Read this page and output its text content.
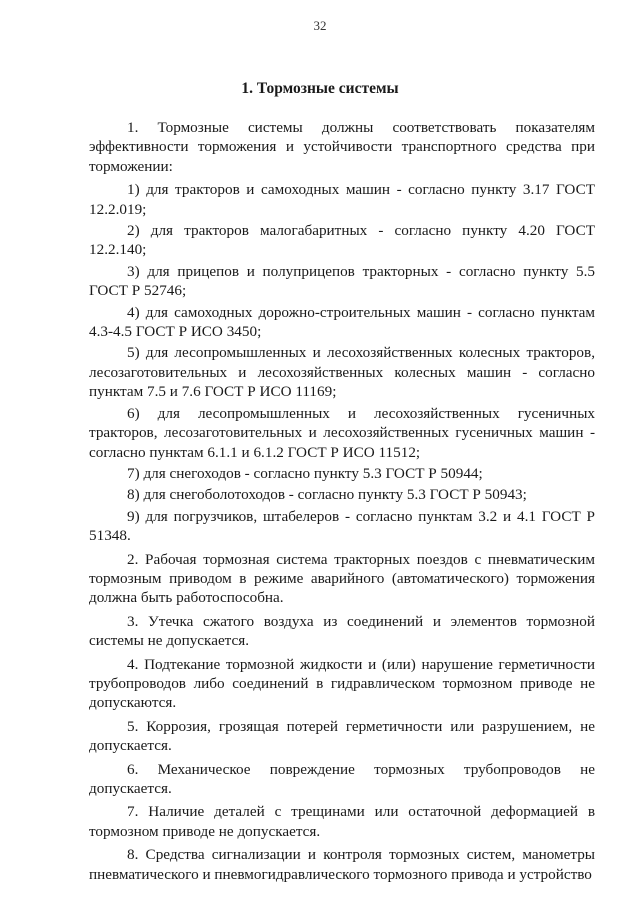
32
1. Тормозные системы

1. Тормозные системы должны соответствовать показателям эффективности торможения и устойчивости транспортного средства при торможении:

1) для тракторов и самоходных машин - согласно пункту 3.17 ГОСТ 12.2.019;

2) для тракторов малогабаритных - согласно пункту 4.20 ГОСТ 12.2.140;

3) для прицепов и полуприцепов тракторных - согласно пункту 5.5 ГОСТ Р 52746;

4) для самоходных дорожно-строительных машин - согласно пунктам 4.3-4.5 ГОСТ Р ИСО 3450;

5) для лесопромышленных и лесохозяйственных колесных тракторов, лесозаготовительных и лесохозяйственных колесных машин - согласно пунктам 7.5 и 7.6 ГОСТ Р ИСО 11169;

6) для лесопромышленных и лесохозяйственных гусеничных тракторов, лесозаготовительных и лесохозяйственных гусеничных машин - согласно пунктам 6.1.1 и 6.1.2 ГОСТ Р ИСО 11512;

7) для снегоходов - согласно пункту 5.3 ГОСТ Р 50944;

8) для снегоболотоходов - согласно пункту 5.3 ГОСТ Р 50943;

9) для погрузчиков, штабелеров - согласно пунктам 3.2 и 4.1 ГОСТ Р 51348.

2. Рабочая тормозная система тракторных поездов с пневматическим тормозным приводом в режиме аварийного (автоматического) торможения должна быть работоспособна.

3. Утечка сжатого воздуха из соединений и элементов тормозной системы не допускается.

4. Подтекание тормозной жидкости и (или) нарушение герметичности трубопроводов либо соединений в гидравлическом тормозном приводе не допускаются.

5. Коррозия, грозящая потерей герметичности или разрушением, не допускается.

6. Механическое повреждение тормозных трубопроводов не допускается.

7. Наличие деталей с трещинами или остаточной деформацией в тормозном приводе не допускается.

8. Средства сигнализации и контроля тормозных систем, манометры пневматического и пневмогидравлического тормозного привода и устройство
